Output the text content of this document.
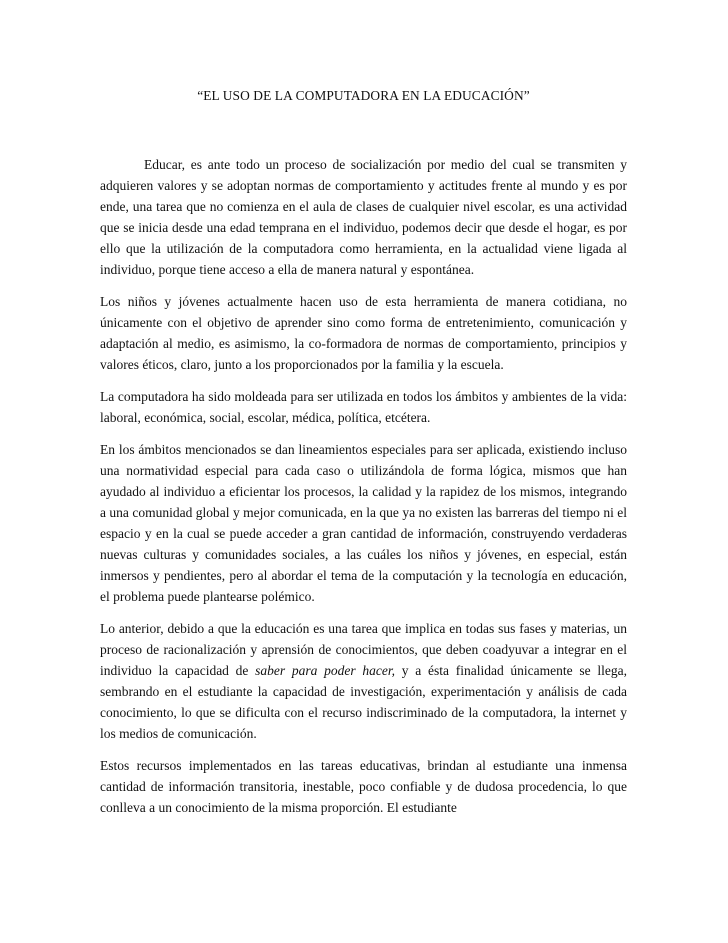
“EL USO DE LA COMPUTADORA EN LA EDUCACIÓN”

Educar, es ante todo un proceso de socialización por medio del cual se transmiten y adquieren valores y se adoptan normas de comportamiento y actitudes frente al mundo y es por ende, una tarea que no comienza en el aula de clases de cualquier nivel escolar, es una actividad que se inicia desde una edad temprana en el individuo, podemos decir que desde el hogar, es por ello que la utilización de la computadora como herramienta, en la actualidad viene ligada al individuo, porque tiene acceso a ella de manera natural y espontánea.

Los niños y jóvenes actualmente hacen uso de esta herramienta de manera cotidiana, no únicamente con el objetivo de aprender sino como forma de entretenimiento, comunicación y adaptación al medio, es asimismo, la co-formadora de normas de comportamiento, principios y valores éticos, claro, junto a los proporcionados por la familia y la escuela.

La computadora ha sido moldeada para ser utilizada en todos los ámbitos y ambientes de la vida: laboral, económica, social, escolar, médica, política, etcétera.

En los ámbitos mencionados se dan lineamientos especiales para ser aplicada, existiendo incluso una normatividad especial para cada caso o utilizándola de forma lógica, mismos que han ayudado al individuo a eficientar los procesos, la calidad y la rapidez de los mismos, integrando a una comunidad global y mejor comunicada, en la que ya no existen las barreras del tiempo ni el espacio y en la cual se puede acceder a gran cantidad de información, construyendo verdaderas nuevas culturas y comunidades sociales, a las cuáles los niños y jóvenes, en especial, están inmersos y pendientes, pero al abordar el tema de la computación y la tecnología en educación, el problema puede plantearse polémico.

Lo anterior, debido a que la educación es una tarea que implica en todas sus fases y materias, un proceso de racionalización y aprensión de conocimientos, que deben coadyuvar a integrar en el individuo la capacidad de saber para poder hacer, y a ésta finalidad únicamente se llega, sembrando en el estudiante la capacidad de investigación, experimentación y análisis de cada conocimiento, lo que se dificulta con el recurso indiscriminado de la computadora, la internet y los medios de comunicación.

Estos recursos implementados en las tareas educativas, brindan al estudiante una inmensa cantidad de información transitoria, inestable, poco confiable y de dudosa procedencia, lo que conlleva a un conocimiento de la misma proporción. El estudiante
